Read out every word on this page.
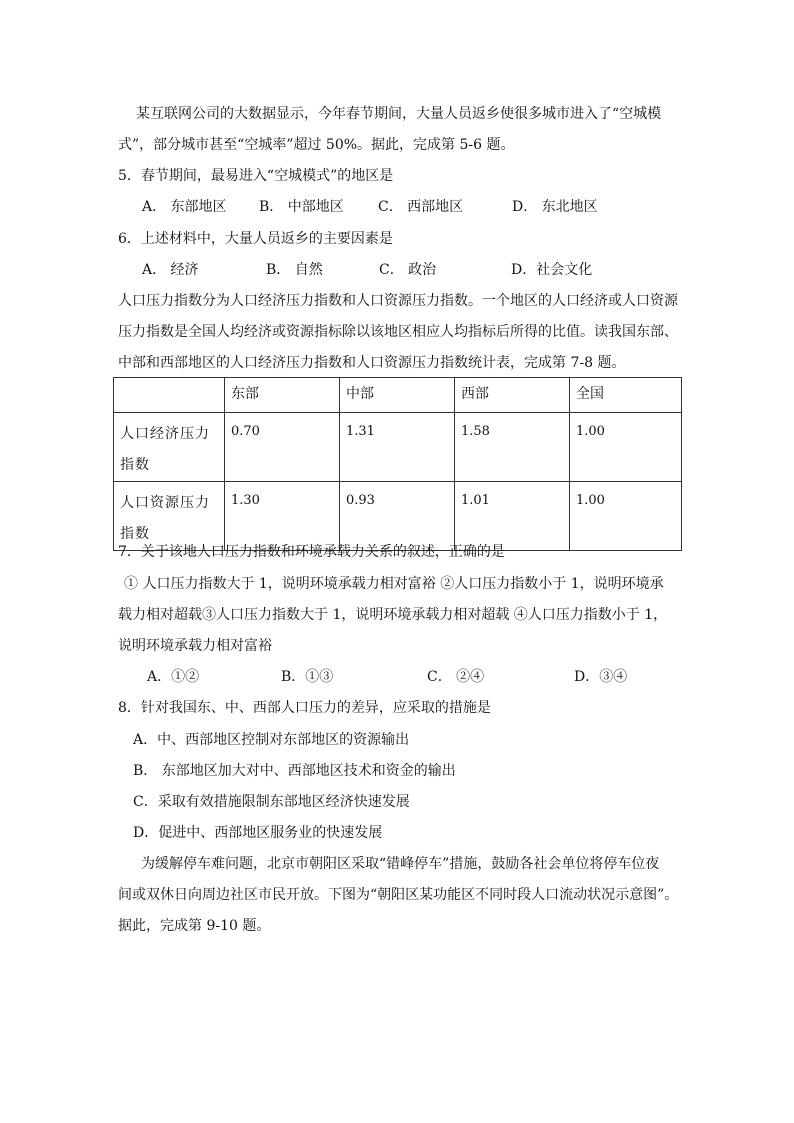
某互联网公司的大数据显示，今年春节期间，大量人员返乡使很多城市进入了“空城模
式”，部分城市甚至“空城率”超过 50%。据此，完成第 5-6 题。
5．春节期间，最易进入“空城模式”的地区是
A． 东部地区 B． 中部地区 C． 西部地区	D． 东北地区
6．上述材料中，大量人员返乡的主要因素是
A． 经济	B． 自然	C． 政治	D．社会文化
人口压力指数分为人口经济压力指数和人口资源压力指数。一个地区的人口经济或人口资源
压力指数是全国人均经济或资源指标除以该地区相应人均指标后所得的比值。读我国东部、
中部和西部地区的人口经济压力指数和人口资源压力指数统计表，完成第 7-8 题。
	东部	中部	西部	全国
人口经济压力指数	0.70	1.31	1.58	1.00
人口资源压力指数	1.30	0.93	1.01	1.00
7．关于该地人口压力指数和环境承载力关系的叙述，正确的是
① 人口压力指数大于 1，说明环境承载力相对富裕 ②人口压力指数小于 1，说明环境承
载力相对超载③人口压力指数大于 1，说明环境承载力相对超载 ④人口压力指数小于 1，
说明环境承载力相对富裕
A．①②	B．①③	C． ②④	D．③④
8．针对我国东、中、西部人口压力的差异，应采取的措施是
A．中、西部地区控制对东部地区的资源输出
B． 东部地区加大对中、西部地区技术和资金的输出
C．采取有效措施限制东部地区经济快速发展
D．促进中、西部地区服务业的快速发展
为缓解停车难问题，北京市朝阳区采取“错峰停车”措施，鼓励各社会单位将停车位夜
间或双休日向周边社区市民开放。下图为“朝阳区某功能区不同时段人口流动状况示意图”。
据此，完成第 9-10 题。
